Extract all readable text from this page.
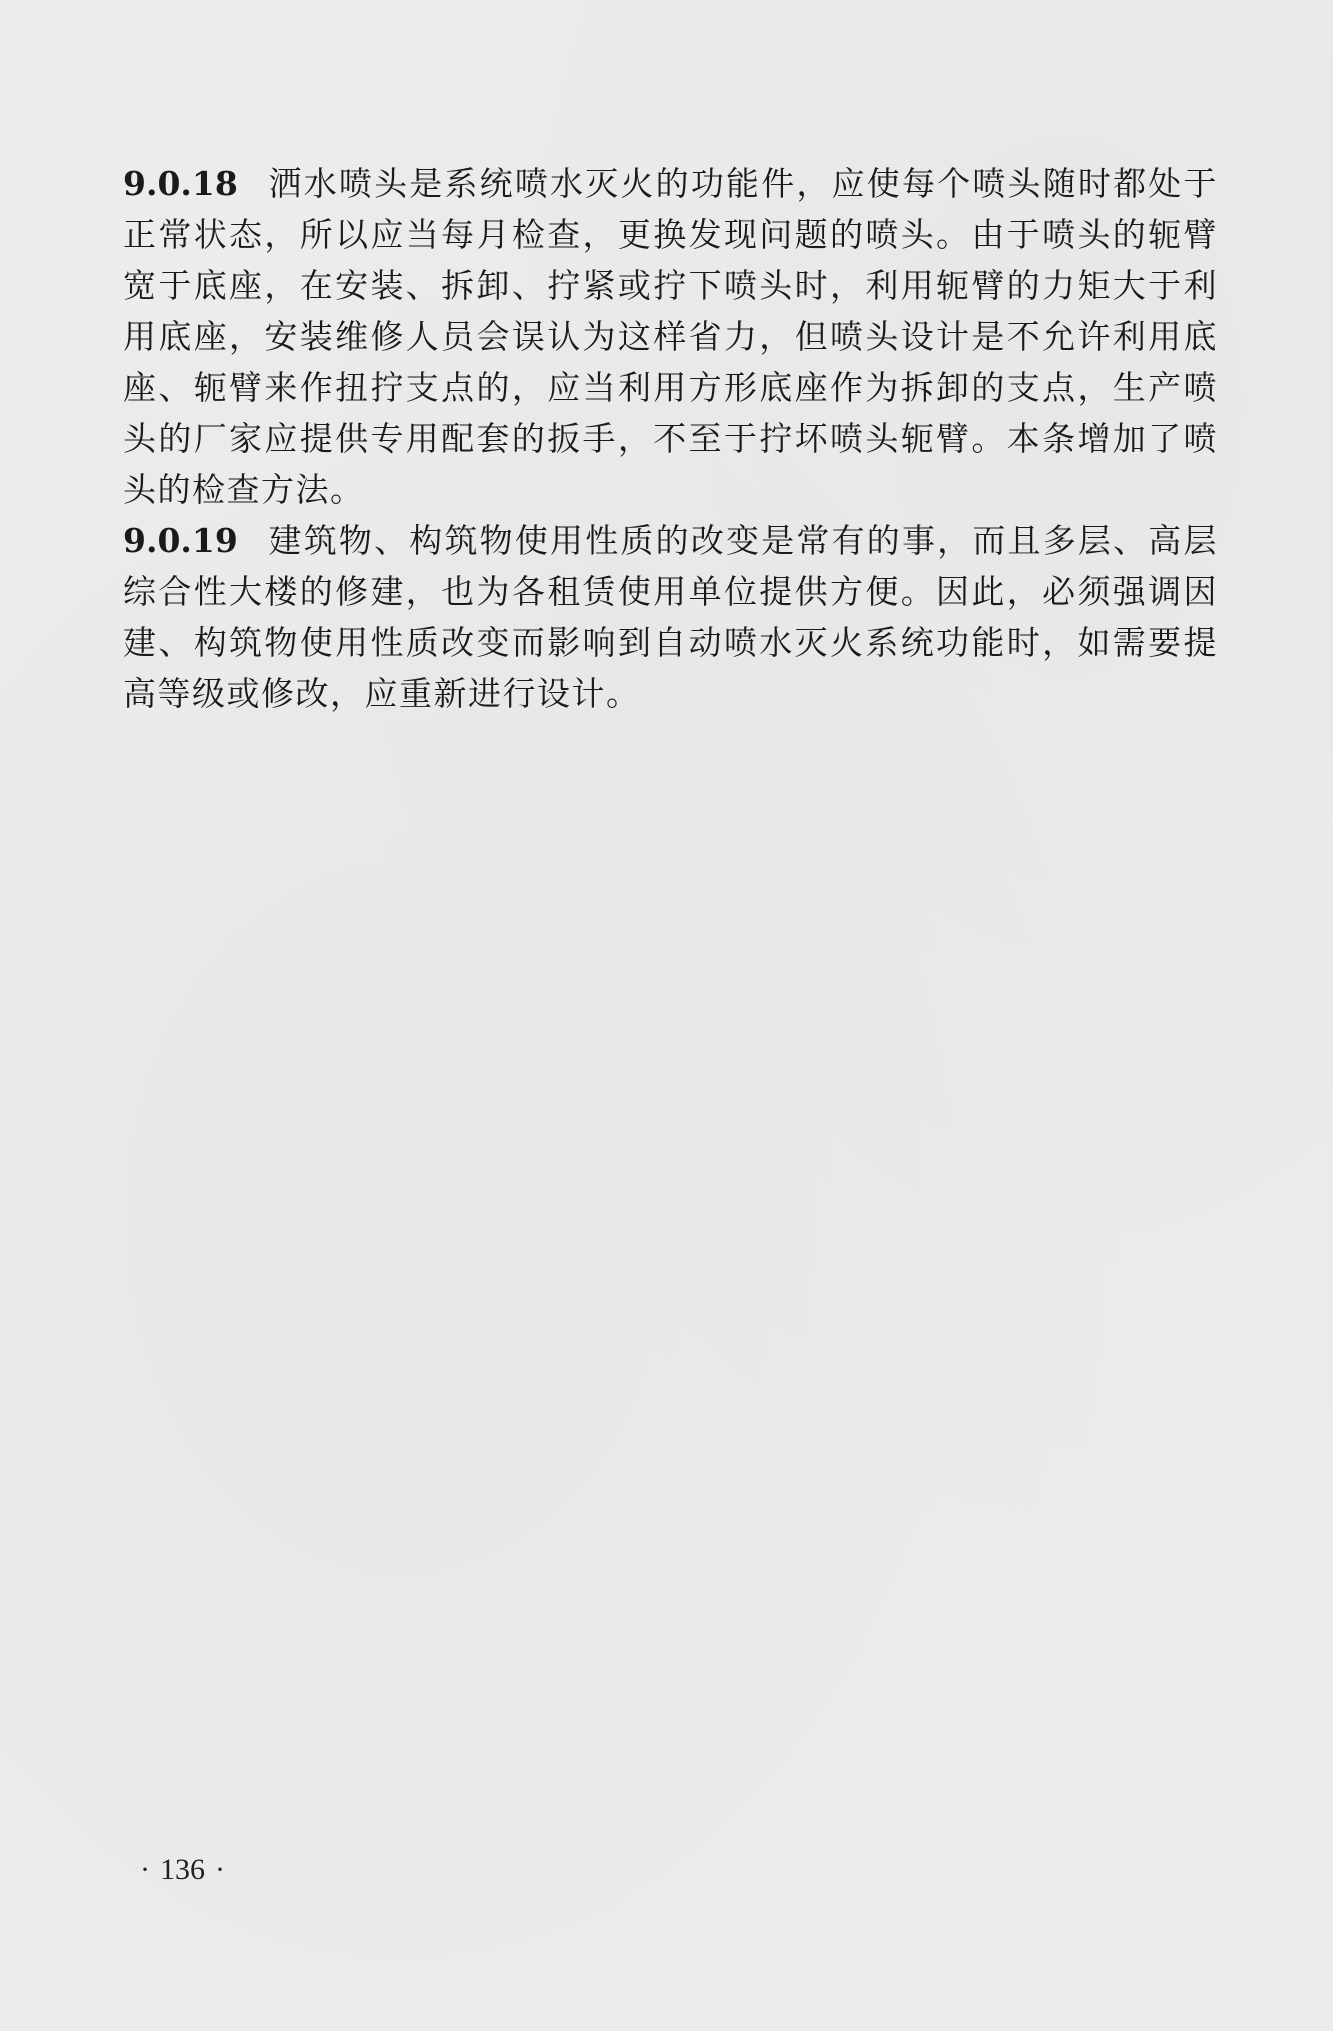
9.0.18 洒水喷头是系统喷水灭火的功能件，应使每个喷头随时都处于正常状态，所以应当每月检查，更换发现问题的喷头。由于喷头的轭臂宽于底座，在安装、拆卸、拧紧或拧下喷头时，利用轭臂的力矩大于利用底座，安装维修人员会误认为这样省力，但喷头设计是不允许利用底座、轭臂来作扭拧支点的，应当利用方形底座作为拆卸的支点，生产喷头的厂家应提供专用配套的扳手，不至于拧坏喷头轭臂。本条增加了喷头的检查方法。

9.0.19 建筑物、构筑物使用性质的改变是常有的事，而且多层、高层综合性大楼的修建，也为各租赁使用单位提供方便。因此，必须强调因建、构筑物使用性质改变而影响到自动喷水灭火系统功能时，如需要提高等级或修改，应重新进行设计。

· 136 ·
